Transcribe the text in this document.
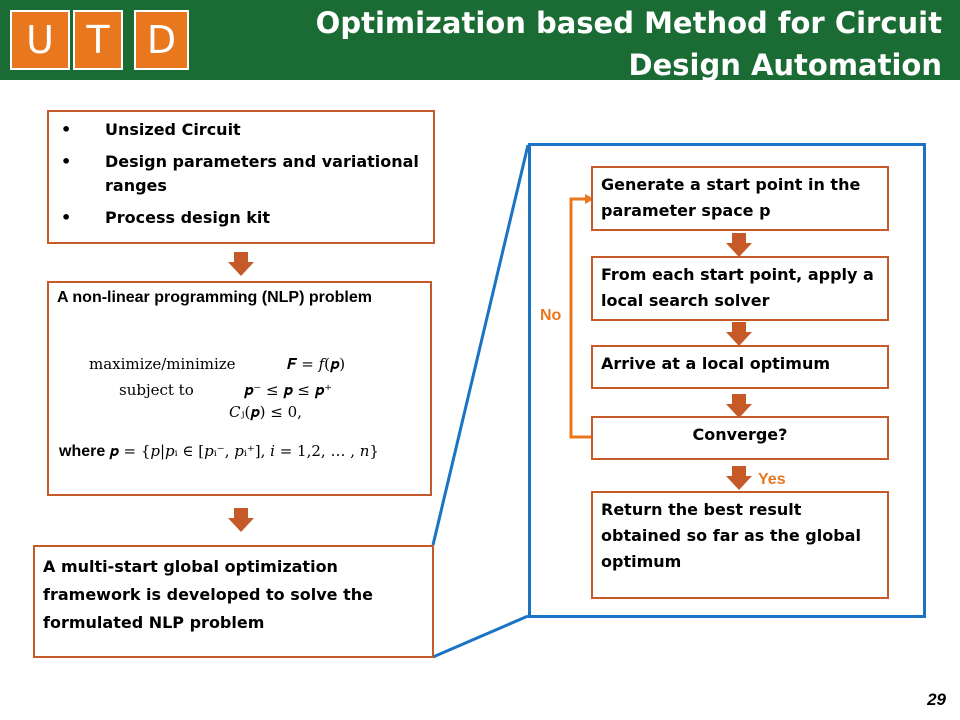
U T D	Optimization based Method for Circuit Design Automation
• Unsized Circuit
• Design parameters and variational ranges
• Process design kit
A non-linear programming (NLP) problem
maximize/minimize	𝑭 = 𝑓(𝒑)
subject to	𝒑⁻ ≤ 𝒑 ≤ 𝒑⁺
𝐶ⱼ(𝒑) ≤ 0,
where 𝒑 = {𝑝|𝑝ᵢ ∈ [𝑝ᵢ⁻, 𝑝ᵢ⁺], 𝑖 = 1,2, … , 𝑛}
A multi-start global optimization framework is developed to solve the formulated NLP problem
Generate a start point in the parameter space p
From each start point, apply a local search solver
Arrive at a local optimum
Converge?
Return the best result obtained so far as the global optimum
No
Yes
29
